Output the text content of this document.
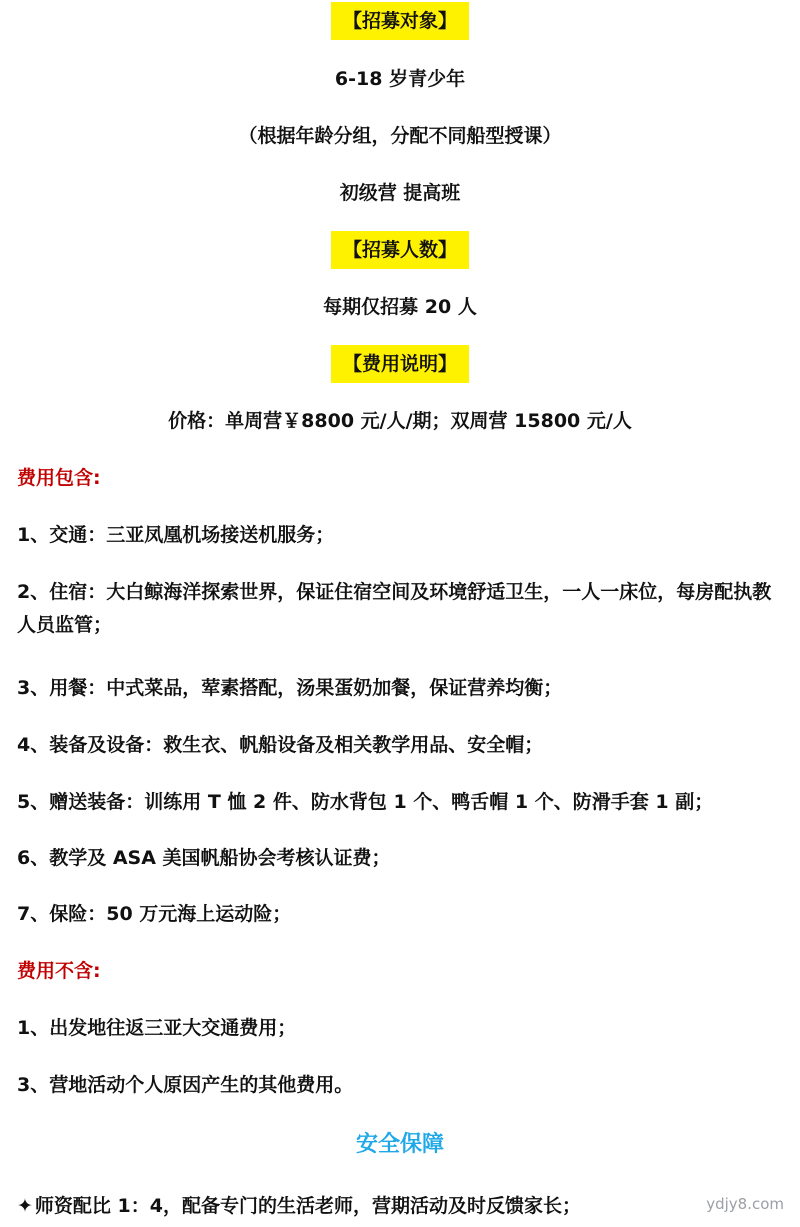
【招募对象】
6-18 岁青少年
（根据年龄分组，分配不同船型授课）
初级营 提高班
【招募人数】
每期仅招募 20 人
【费用说明】
价格：单周营￥8800 元/人/期；双周营 15800 元/人
费用包含:
1、交通：三亚凤凰机场接送机服务；
2、住宿：大白鲸海洋探索世界，保证住宿空间及环境舒适卫生，一人一床位，每房配执教人员监管；
3、用餐：中式菜品，荤素搭配，汤果蛋奶加餐，保证营养均衡；
4、装备及设备：救生衣、帆船设备及相关教学用品、安全帽；
5、赠送装备：训练用 T 恤 2 件、防水背包 1 个、鸭舌帽 1 个、防滑手套 1 副；
6、教学及 ASA 美国帆船协会考核认证费；
7、保险：50 万元海上运动险；
费用不含:
1、出发地往返三亚大交通费用；
3、营地活动个人原因产生的其他费用。
安全保障
✦ 师资配比 1：4，配备专门的生活老师，营期活动及时反馈家长；	ydjy8.com
